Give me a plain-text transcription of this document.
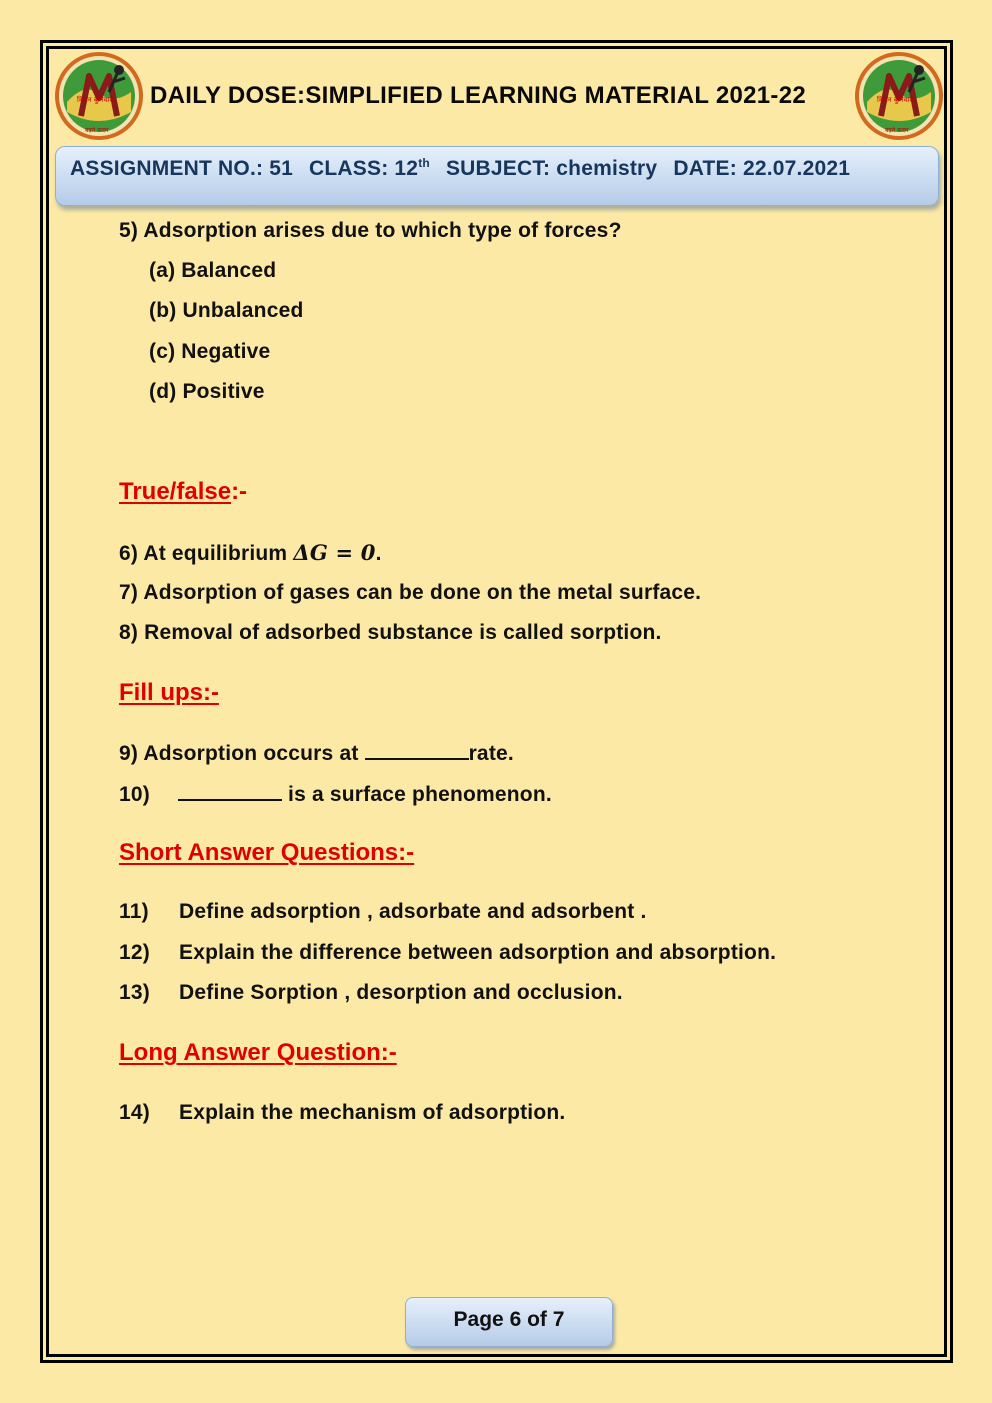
मिशन बुनियाद
बढ़ते कदम
DAILY DOSE:SIMPLIFIED LEARNING MATERIAL 2021-22	मिशन बुनियाद
बढ़ते कदम
ASSIGNMENT NO.: 51 CLASS: 12th SUBJECT: chemistry DATE: 22.07.2021
5) Adsorption arises due to which type of forces?
(a) Balanced
(b) Unbalanced
(c) Negative
(d) Positive
True/false:-
6) At equilibrium ΔG = 0.
7) Adsorption of gases can be done on the metal surface.
8) Removal of adsorbed substance is called sorption.
Fill ups:-
9) Adsorption occurs at	rate.
10)	is a surface phenomenon.
Short Answer Questions:-
11) Define adsorption , adsorbate and adsorbent .
12) Explain the difference between adsorption and absorption.
13) Define Sorption , desorption and occlusion.
Long Answer Question:-
14) Explain the mechanism of adsorption.
Page 6 of 7
